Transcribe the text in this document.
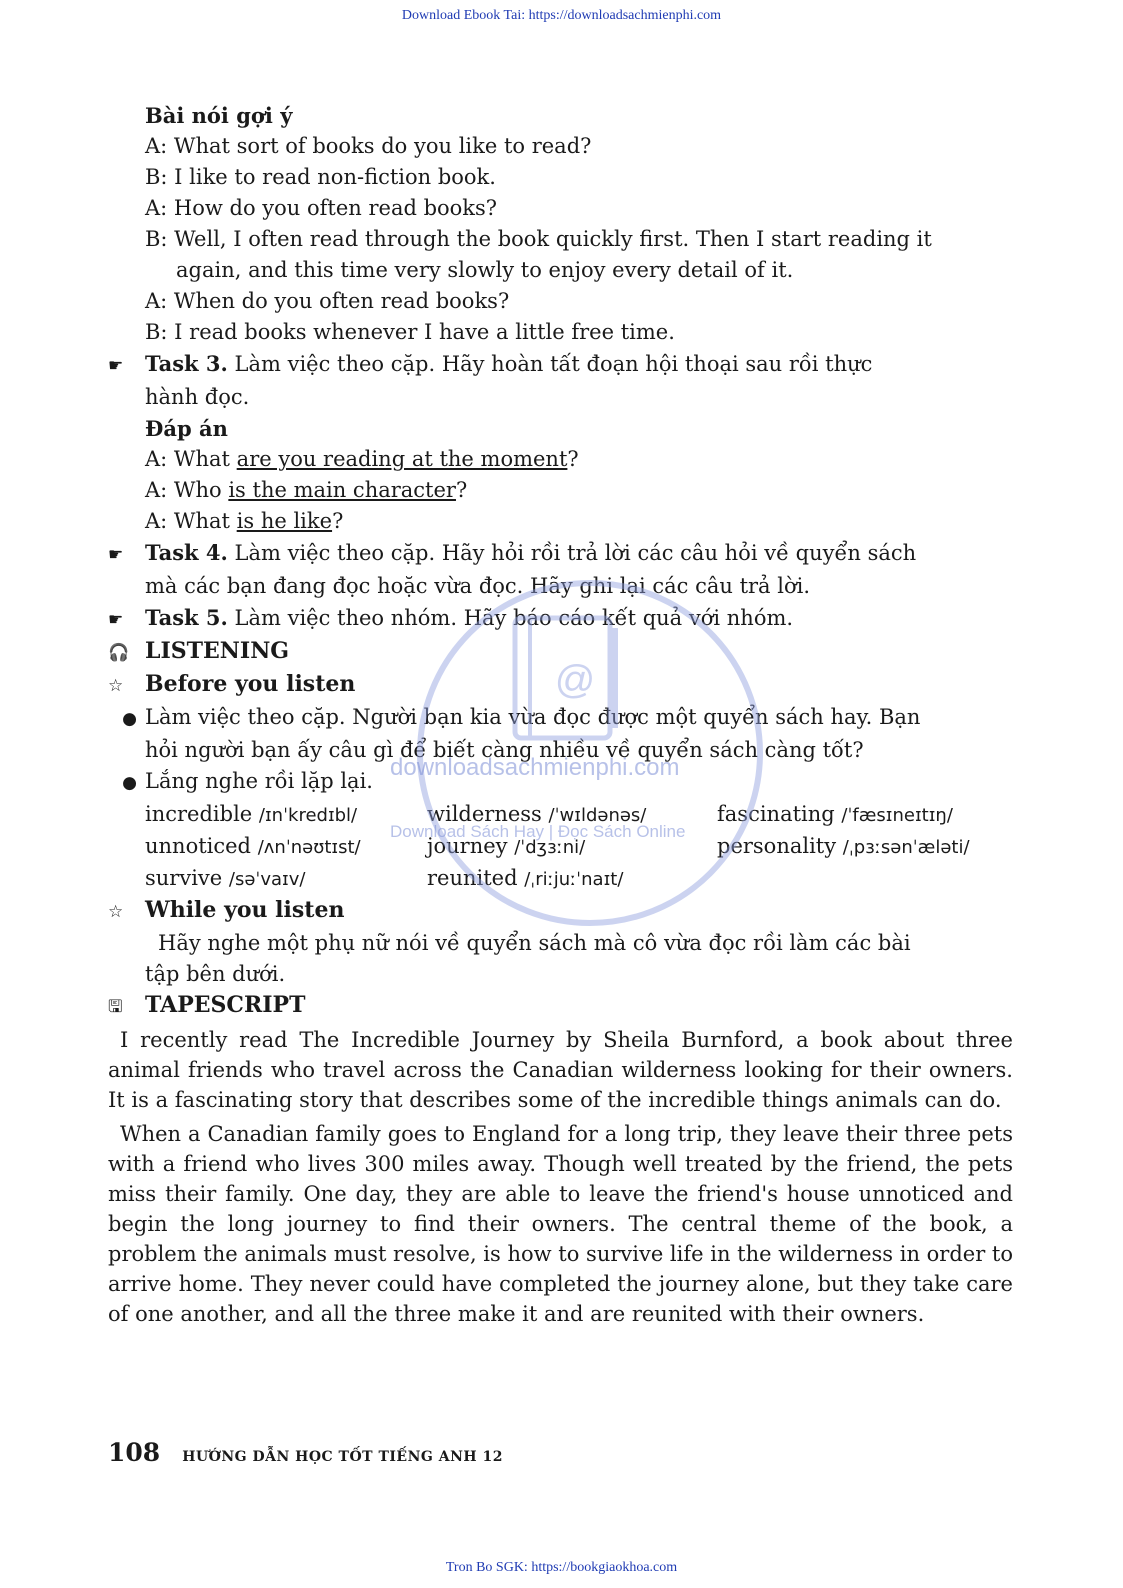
Download Ebook Tai: https://downloadsachmienphi.com
Bài nói gợi ý
A: What sort of books do you like to read?
B: I like to read non-fiction book.
A: How do you often read books?
B: Well, I often read through the book quickly first. Then I start reading it
again, and this time very slowly to enjoy every detail of it.
A: When do you often read books?
B: I read books whenever I have a little free time.
☛ Task 3. Làm việc theo cặp. Hãy hoàn tất đoạn hội thoại sau rồi thực
hành đọc.
Đáp án
A: What are you reading at the moment?
A: Who is the main character?
A: What is he like?
☛ Task 4. Làm việc theo cặp. Hãy hỏi rồi trả lời các câu hỏi về quyển sách
mà các bạn đang đọc hoặc vừa đọc. Hãy ghi lại các câu trả lời.
☛ Task 5. Làm việc theo nhóm. Hãy báo cáo kết quả với nhóm.
🎧 LISTENING
☆ Before you listen
● Làm việc theo cặp. Người bạn kia vừa đọc được một quyển sách hay. Bạn
hỏi người bạn ấy câu gì để biết càng nhiều về quyển sách càng tốt?
● Lắng nghe rồi lặp lại.
incredible /ɪnˈkredɪbl/	wilderness /ˈwɪldənəs/	fascinating /ˈfæsɪneɪtɪŋ/
unnoticed /ʌnˈnəʊtɪst/	journey /ˈdʒɜːni/	personality /ˌpɜːsənˈæləti/
survive /səˈvaɪv/	reunited /ˌriːjuːˈnaɪt/
☆ While you listen
Hãy nghe một phụ nữ nói về quyển sách mà cô vừa đọc rồi làm các bài
tập bên dưới.
🖫 TAPESCRIPT

I recently read The Incredible Journey by Sheila Burnford, a book about three animal friends who travel across the Canadian wilderness looking for their owners. It is a fascinating story that describes some of the incredible things animals can do.

When a Canadian family goes to England for a long trip, they leave their three pets with a friend who lives 300 miles away. Though well treated by the friend, the pets miss their family. One day, they are able to leave the friend's house unnoticed and begin the long journey to find their owners. The central theme of the book, a problem the animals must resolve, is how to survive life in the wilderness in order to arrive home. They never could have completed the journey alone, but they take care of one another, and all the three make it and are reunited with their owners.

108 HƯỚNG DẪN HỌC TỐT TIẾNG ANH 12
@
downloadsachmienphi.com
Download Sách Hay | Đọc Sách Online
Tron Bo SGK: https://bookgiaokhoa.com
